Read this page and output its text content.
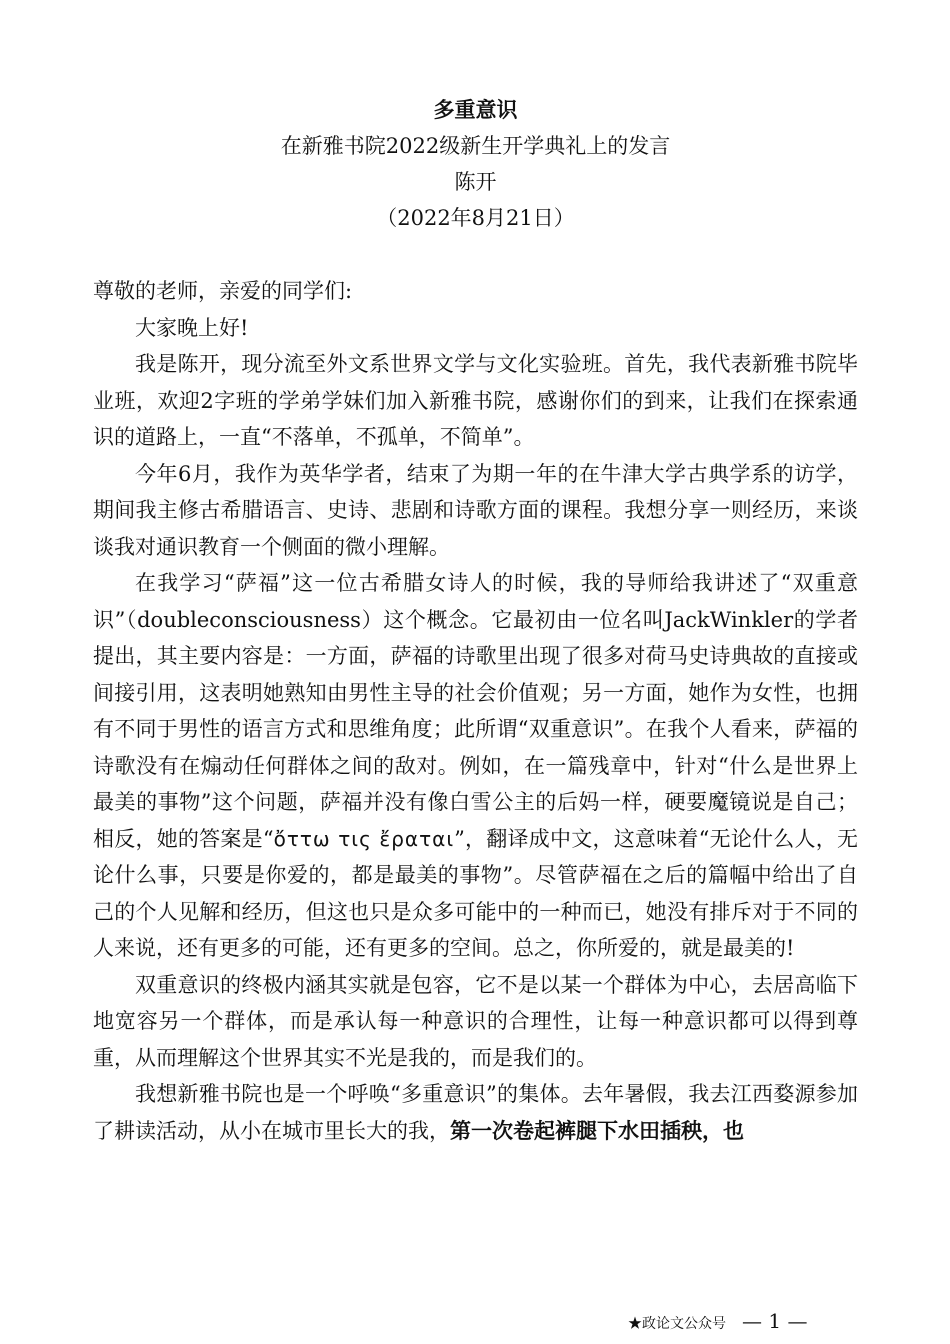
多重意识
在新雅书院2022级新生开学典礼上的发言
陈开
（2022年8月21日）

尊敬的老师，亲爱的同学们:

大家晚上好!

我是陈开，现分流至外文系世界文学与文化实验班。首先，我代表新雅书院毕业班，欢迎2字班的学弟学妹们加入新雅书院，感谢你们的到来，让我们在探索通识的道路上，一直“不落单，不孤单，不简单”。

今年6月，我作为英华学者，结束了为期一年的在牛津大学古典学系的访学，期间我主修古希腊语言、史诗、悲剧和诗歌方面的课程。我想分享一则经历，来谈谈我对通识教育一个侧面的微小理解。

在我学习“萨福”这一位古希腊女诗人的时候，我的导师给我讲述了“双重意识”（doubleconsciousness）这个概念。它最初由一位名叫JackWinkler的学者提出，其主要内容是：一方面，萨福的诗歌里出现了很多对荷马史诗典故的直接或间接引用，这表明她熟知由男性主导的社会价值观；另一方面，她作为女性，也拥有不同于男性的语言方式和思维角度；此所谓“双重意识”。在我个人看来，萨福的诗歌没有在煽动任何群体之间的敌对。例如，在一篇残章中，针对“什么是世界上最美的事物”这个问题，萨福并没有像白雪公主的后妈一样，硬要魔镜说是自己；相反，她的答案是“ὄττω τις ἔραται”，翻译成中文，这意味着“无论什么人，无论什么事，只要是你爱的，都是最美的事物”。尽管萨福在之后的篇幅中给出了自己的个人见解和经历，但这也只是众多可能中的一种而已，她没有排斥对于不同的人来说，还有更多的可能，还有更多的空间。总之，你所爱的，就是最美的!

双重意识的终极内涵其实就是包容，它不是以某一个群体为中心，去居高临下地宽容另一个群体，而是承认每一种意识的合理性，让每一种意识都可以得到尊重，从而理解这个世界其实不光是我的，而是我们的。

我想新雅书院也是一个呼唤“多重意识”的集体。去年暑假，我去江西婺源参加了耕读活动，从小在城市里长大的我，第一次卷起裤腿下水田插秧，也

★政论文公众号 — 1 —
